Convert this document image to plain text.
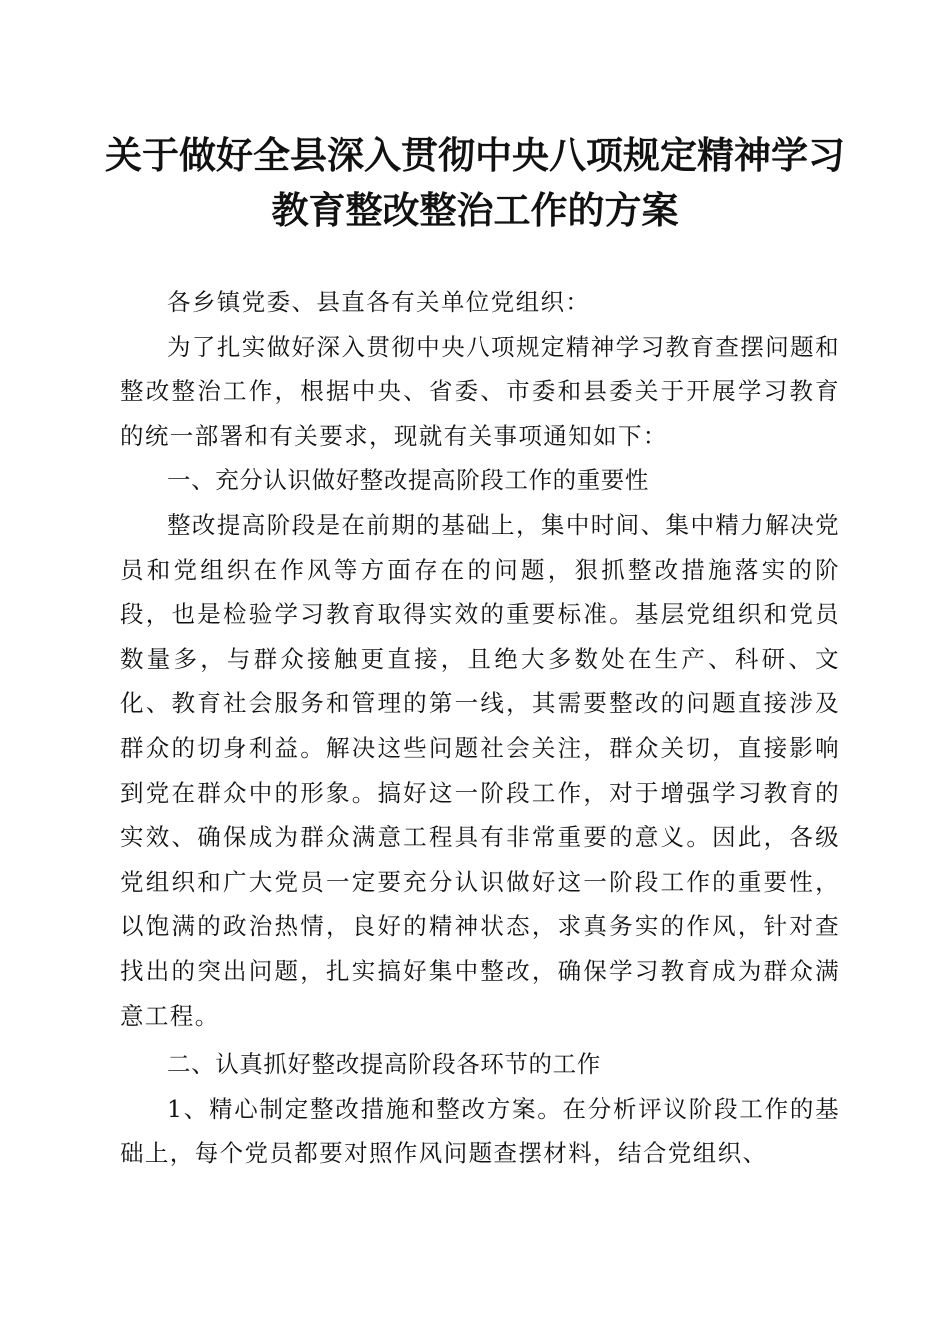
关于做好全县深入贯彻中央八项规定精神学习
教育整改整治工作的方案

各乡镇党委、县直各有关单位党组织：

为了扎实做好深入贯彻中央八项规定精神学习教育查摆问题和整改整治工作，根据中央、省委、市委和县委关于开展学习教育的统一部署和有关要求，现就有关事项通知如下：

一、充分认识做好整改提高阶段工作的重要性

整改提高阶段是在前期的基础上，集中时间、集中精力解决党员和党组织在作风等方面存在的问题，狠抓整改措施落实的阶段，也是检验学习教育取得实效的重要标准。基层党组织和党员数量多，与群众接触更直接，且绝大多数处在生产、科研、文化、教育社会服务和管理的第一线，其需要整改的问题直接涉及群众的切身利益。解决这些问题社会关注，群众关切，直接影响到党在群众中的形象。搞好这一阶段工作，对于增强学习教育的实效、确保成为群众满意工程具有非常重要的意义。因此，各级党组织和广大党员一定要充分认识做好这一阶段工作的重要性，以饱满的政治热情，良好的精神状态，求真务实的作风，针对查找出的突出问题，扎实搞好集中整改，确保学习教育成为群众满意工程。

二、认真抓好整改提高阶段各环节的工作

1、精心制定整改措施和整改方案。在分析评议阶段工作的基础上，每个党员都要对照作风问题查摆材料，结合党组织、
